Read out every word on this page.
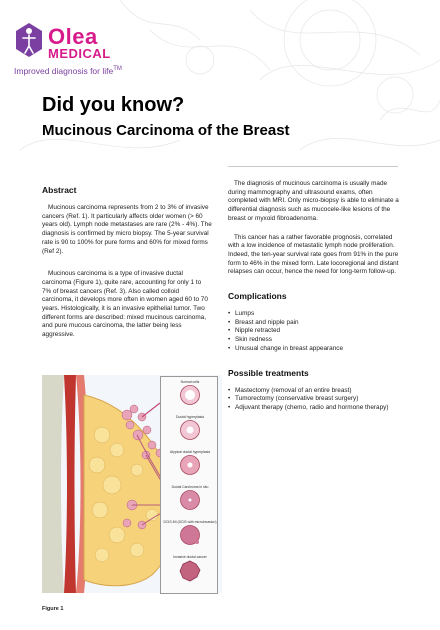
Olea
MEDICAL
Improved diagnosis for life™
Did you know?
Mucinous Carcinoma of the Breast
Abstract

Mucinous carcinoma represents from 2 to 3% of invasive cancers (Ref. 1). It particularly affects older women (> 60 years old). Lymph node metastases are rare (2% - 4%). The diagnosis is confirmed by micro biopsy. The 5-year survival rate is 90 to 100% for pure forms and 60% for mixed forms (Ref 2).

Mucinous carcinoma is a type of invasive ductal carcinoma (Figure 1), quite rare, accounting for only 1 to 7% of breast cancers (Ref. 3). Also called colloid carcinoma, it develops more often in women aged 60 to 70 years. Histologically, it is an invasive epithelial tumor. Two different forms are described: mixed mucinous carcinoma, and pure mucous carcinoma, the latter being less aggressive.

The diagnosis of mucinous carcinoma is usually made during mammography and ultrasound exams, often completed with MRI. Only micro-biopsy is able to eliminate a differential diagnosis such as mucocele-like lesions of the breast or myxoid fibroadenoma.

This cancer has a rather favorable prognosis, correlated with a low incidence of metastatic lymph node proliferation. Indeed, the ten-year survival rate goes from 91% in the pure form to 46% in the mixed form. Late locoregional and distant relapses can occur, hence the need for long-term follow-up.

Complications
• Lumps
• Breast and nipple pain
• Nipple retracted
• Skin redness
• Unusual change in breast appearance
Possible treatments
• Mastectomy (removal of an entire breast)
• Tumorectomy (conservative breast surgery)
• Adjuvant therapy (chemo, radio and hormone therapy)
Normal cells
Ductal hyperplasia
Atypical ductal hyperplasia
Ductal Carcinoma in situ
DCIS-MI (DCIS with microinvasion)
Invasive ductal cancer
Figure 1
